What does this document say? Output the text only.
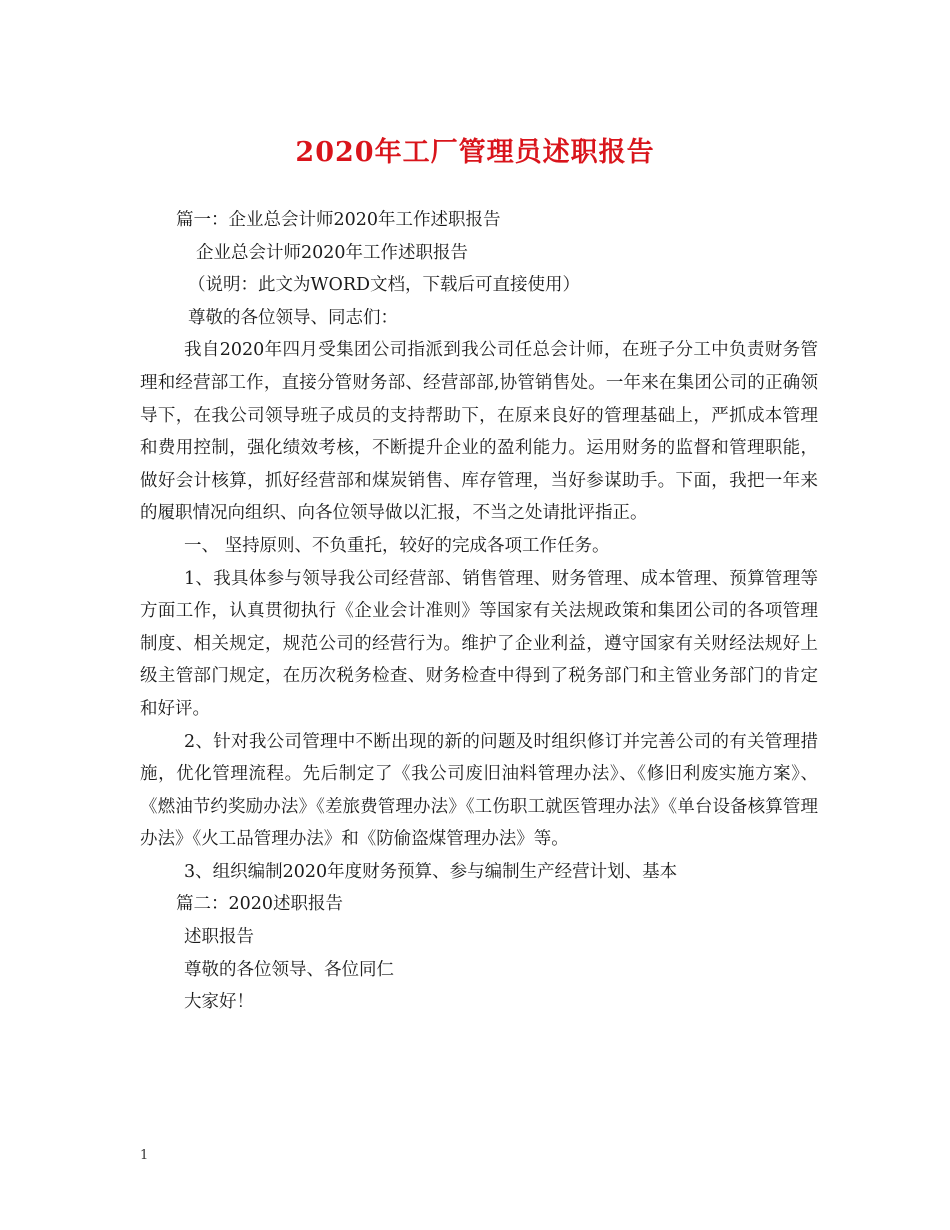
2020年工厂管理员述职报告

篇一：企业总会计师2020年工作述职报告

企业总会计师2020年工作述职报告

（说明：此文为WORD文档，下载后可直接使用）

尊敬的各位领导、同志们：

我自2020年四月受集团公司指派到我公司任总会计师，在班子分工中负责财务管理和经营部工作，直接分管财务部、经营部部,协管销售处。一年来在集团公司的正确领导下，在我公司领导班子成员的支持帮助下，在原来良好的管理基础上，严抓成本管理和费用控制，强化绩效考核，不断提升企业的盈利能力。运用财务的监督和管理职能，做好会计核算，抓好经营部和煤炭销售、库存管理，当好参谋助手。下面，我把一年来的履职情况向组织、向各位领导做以汇报，不当之处请批评指正。

一、 坚持原则、不负重托，较好的完成各项工作任务。

1、我具体参与领导我公司经营部、销售管理、财务管理、成本管理、预算管理等方面工作，认真贯彻执行《企业会计准则》等国家有关法规政策和集团公司的各项管理制度、相关规定，规范公司的经营行为。维护了企业利益，遵守国家有关财经法规好上级主管部门规定，在历次税务检查、财务检查中得到了税务部门和主管业务部门的肯定和好评。

2、针对我公司管理中不断出现的新的问题及时组织修订并完善公司的有关管理措施，优化管理流程。先后制定了《我公司废旧油料管理办法》、《修旧利废实施方案》、《燃油节约奖励办法》《差旅费管理办法》《工伤职工就医管理办法》《单台设备核算管理办法》《火工品管理办法》和《防偷盗煤管理办法》等。

3、组织编制2020年度财务预算、参与编制生产经营计划、基本

篇二：2020述职报告

述职报告

尊敬的各位领导、各位同仁

大家好！

1
